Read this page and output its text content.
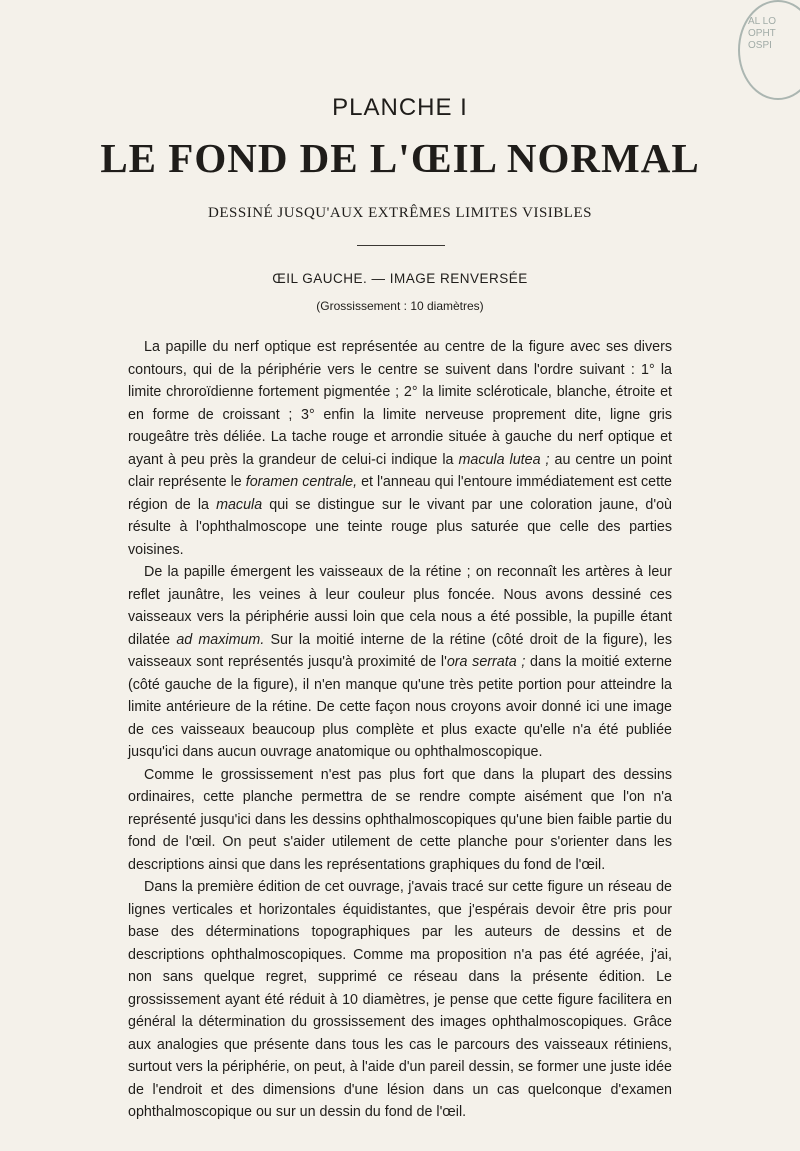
AL LO
OPHT
OSPI
PLANCHE I
LE FOND DE L'ŒIL NORMAL
DESSINÉ JUSQU'AUX EXTRÊMES LIMITES VISIBLES
ŒIL GAUCHE. — IMAGE RENVERSÉE
(Grossissement : 10 diamètres)

La papille du nerf optique est représentée au centre de la figure avec ses divers contours, qui de la périphérie vers le centre se suivent dans l'ordre suivant : 1° la limite chroroïdienne fortement pigmentée ; 2° la limite scléroticale, blanche, étroite et en forme de croissant ; 3° enfin la limite nerveuse proprement dite, ligne gris rougeâtre très déliée. La tache rouge et arrondie située à gauche du nerf optique et ayant à peu près la grandeur de celui-ci indique la macula lutea ; au centre un point clair représente le foramen centrale, et l'anneau qui l'entoure immédiatement est cette région de la macula qui se distingue sur le vivant par une coloration jaune, d'où résulte à l'ophthalmoscope une teinte rouge plus saturée que celle des parties voisines.

De la papille émergent les vaisseaux de la rétine ; on reconnaît les artères à leur reflet jaunâtre, les veines à leur couleur plus foncée. Nous avons dessiné ces vaisseaux vers la périphérie aussi loin que cela nous a été possible, la pupille étant dilatée ad maximum. Sur la moitié interne de la rétine (côté droit de la figure), les vaisseaux sont représentés jusqu'à proximité de l'ora serrata ; dans la moitié externe (côté gauche de la figure), il n'en manque qu'une très petite portion pour atteindre la limite antérieure de la rétine. De cette façon nous croyons avoir donné ici une image de ces vaisseaux beaucoup plus complète et plus exacte qu'elle n'a été publiée jusqu'ici dans aucun ouvrage anatomique ou ophthalmoscopique.

Comme le grossissement n'est pas plus fort que dans la plupart des dessins ordinaires, cette planche permettra de se rendre compte aisément que l'on n'a représenté jusqu'ici dans les dessins ophthalmoscopiques qu'une bien faible partie du fond de l'œil. On peut s'aider utilement de cette planche pour s'orienter dans les descriptions ainsi que dans les représentations graphiques du fond de l'œil.

Dans la première édition de cet ouvrage, j'avais tracé sur cette figure un réseau de lignes verticales et horizontales équidistantes, que j'espérais devoir être pris pour base des déterminations topographiques par les auteurs de dessins et de descriptions ophthalmoscopiques. Comme ma proposition n'a pas été agréée, j'ai, non sans quelque regret, supprimé ce réseau dans la présente édition. Le grossissement ayant été réduit à 10 diamètres, je pense que cette figure facilitera en général la détermination du grossissement des images ophthalmoscopiques. Grâce aux analogies que présente dans tous les cas le parcours des vaisseaux rétiniens, surtout vers la périphérie, on peut, à l'aide d'un pareil dessin, se former une juste idée de l'endroit et des dimensions d'une lésion dans un cas quelconque d'examen ophthalmoscopique ou sur un dessin du fond de l'œil.
